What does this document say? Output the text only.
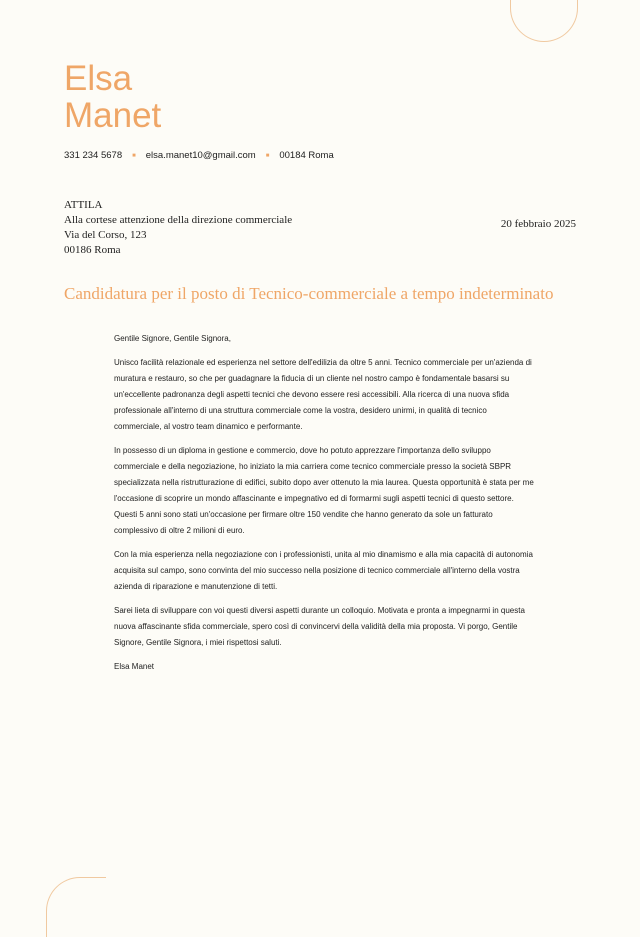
Elsa
Manet
331 234 5678 ■ elsa.manet10@gmail.com ■ 00184 Roma
ATTILA
Alla cortese attenzione della direzione commerciale
Via del Corso, 123
00186 Roma
20 febbraio 2025
Candidatura per il posto di Tecnico-commerciale a tempo indeterminato

Gentile Signore, Gentile Signora,

Unisco facilità relazionale ed esperienza nel settore dell'edilizia da oltre 5 anni. Tecnico commerciale per un'azienda di muratura e restauro, so che per guadagnare la fiducia di un cliente nel nostro campo è fondamentale basarsi su un'eccellente padronanza degli aspetti tecnici che devono essere resi accessibili. Alla ricerca di una nuova sfida professionale all'interno di una struttura commerciale come la vostra, desidero unirmi, in qualità di tecnico commerciale, al vostro team dinamico e performante.

In possesso di un diploma in gestione e commercio, dove ho potuto apprezzare l'importanza dello sviluppo commerciale e della negoziazione, ho iniziato la mia carriera come tecnico commerciale presso la società SBPR specializzata nella ristrutturazione di edifici, subito dopo aver ottenuto la mia laurea. Questa opportunità è stata per me l'occasione di scoprire un mondo affascinante e impegnativo ed di formarmi sugli aspetti tecnici di questo settore. Questi 5 anni sono stati un'occasione per firmare oltre 150 vendite che hanno generato da sole un fatturato complessivo di oltre 2 milioni di euro.

Con la mia esperienza nella negoziazione con i professionisti, unita al mio dinamismo e alla mia capacità di autonomia acquisita sul campo, sono convinta del mio successo nella posizione di tecnico commerciale all'interno della vostra azienda di riparazione e manutenzione di tetti.

Sarei lieta di sviluppare con voi questi diversi aspetti durante un colloquio. Motivata e pronta a impegnarmi in questa nuova affascinante sfida commerciale, spero così di convincervi della validità della mia proposta. Vi porgo, Gentile Signore, Gentile Signora, i miei rispettosi saluti.

Elsa Manet
